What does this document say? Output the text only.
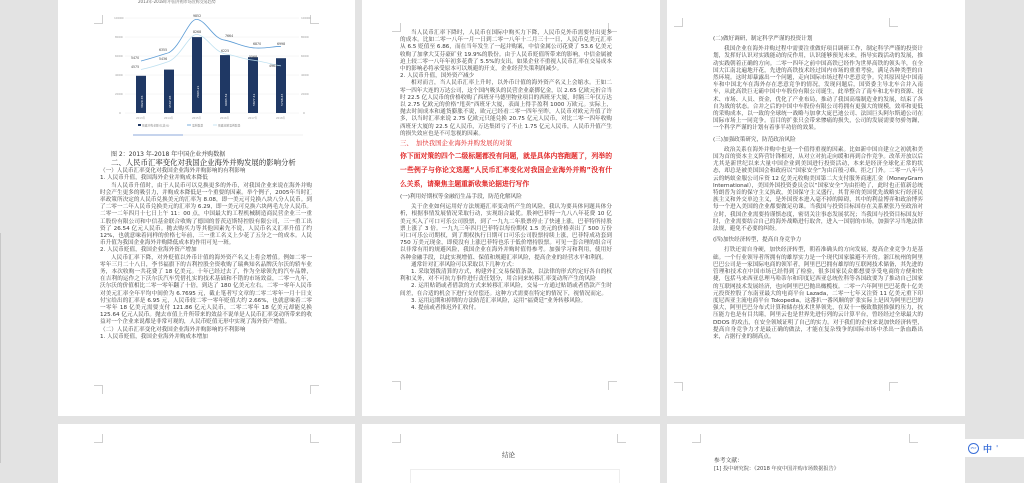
2013年-2018年中国并购市场宣称交易趋势
10000
8000
6000
4000
2000
0
10000
8000
6000
4000
2000
0
3920.76	4567.03
7993.21
6093.52	5877.41	5768.45
5470
6355
9852
7664
6870	6998
4575
5436
8268
6225
5568
4963
2013年	2014年	2015年	2016年	2017年	2018年
披露并购金额(亿美元)	案例数量	披露金额案例数量

图 2：2013 年-2018 年中国企业并购数据

二、人民币汇率变化对我国企业海外并购发展的影响分析

（一）人民币汇率变化对我国企业海外并购影响的有利影响

1. 人民币升值，我国海外企业并购成本降低

当人民币升值时，由于人民币可以兑换更多的外币，对我国企业来说在海外并购时会产生更多的吸引力，并购成本降低是一个重要的因素。举个例子，2005年当时汇率政策所决定的人民币兑换美元的汇率为 8.08，即一美元可兑换八块八分人民币。到了二零一二年人民币兑换美元的汇率为 6.29，即一美元可兑换六块两毛九分人民币。二零一二年四月十七日上午 11：00 点，中国最大的工程机械制造商民营企业三一重工股份有限公司和中信基金联合收购了德国的普茨迈斯特控股有限公司，三一重工出资了 26.54 亿元人民币。抛去购买力等其他因素先不说，人民币名义汇率升值了约 12%，也就意味着同样的价格七年前，三一重工名义上少花了五分之一的成本。人民币升值为我国企业海外并购降低成本的作用可见一斑。

2. 人民币贬值，我国企业海外资产增加

人民币汇率下降，对外贬值以外币计值的海外资产名义上将会增值。例如二零一零年三月二十八日，李书福旗下的吉利控股全资收购了瑞典知名品牌沃尔沃的轿车业务，本次收购一共花费了 18 亿美元。十年已经过去了，作为全球领先的汽车品牌，在吉利的运作之下沃尔沃汽车凭借扎实的技术基础和不错的市场效益，二零一九年，沃尔沃的价值相比二零一零年翻了十倍，到达了 180 亿美元左右。二零一零年人民币对美元汇率全年平均中间价为 6.7695 元，截止笔者写文章的二零二零年一月十日支付宝给出的汇率是 6.95 元，人民币较二零一零年贬值大约 2.66%，也就意味着二零一零年 18 亿美元需要支付 121.86 亿元人民币，二零二零年 18 亿美元却能兑换 125.64 亿元人民币。抛去市值上升所带来的效益不说单是人民币汇率变动所带来的收益对一个企业来说都是非常可观的，人民币贬值无形中实现了海外资产增值。

（二）人民币汇率变化对我国企业海外并购影响的不利影响

1. 人民币贬值，我国企业海外并购成本增加

当人民币汇率下降时，人民币在国际中购买力下降，人民币兑外币需要付出更多的成本。比如二零一八年一月一日到二零一八年十二月三十一日，人民币兑美元汇率从 6.5 贬值至 6.86，而在当年发生了一起并购案，中信金属公司花费了 53.6 亿美元收购了加拿大艾芬豪矿业 19.9%的股份。由于人民币贬值所带来的影响，中信金属被迫上较二零一八年年初多花费了 5.5%的支出。如果企业不重视人民币汇率在交易成本中的影响必将承受原本可以规避的开支，企业经营失策利润减少。

2. 人民币升值，国外资产减少

相对而言，当人民币汇率上升时，以外币计值的海外资产名义上会缩水。王如二零一四年大连的万达公司，这个国内吸头的民营企业豪掷亿金，以 2.65 亿欧元折合当时 22.5 亿人民币的价格收购了西班牙马德里物业项目的西班牙大厦，时隔三年仅万达以 2.75 亿欧元的价格“甩卖”西班牙大厦，表面上得手盈利 1000 万欧元。实际上，抛去时间成本和通货膨胀不说，欧元已经看二零一四年至昨，人民币对欧元升值了许多，以当时汇率来说 2.75 亿欧元只能兑换 20.75 亿元人民币，对比二零一四年收购西班牙大厦的 22.5 亿人民币，万达集团亏了不止 1.75 亿元人民币，人民币升值产生的损失效应也是不可忽视的因素。

三、　加快我国企业海外并购发展的对策

你下面对策的四个二级标题都没有问题，就是具体内容跑题了，列举的一些例子与你论文选题“人民币汇率变化对我国企业海外并购”没有什么关系，请聚焦主题重新收集论据进行写作

(一)利用好期权等金融衍生品手段，防范化解风险

关于企业如何运用好方法规避汇率变动所产生的风险，我认为要具体问题具体分析，根据事情发展情况采取行动，实现组合最优。股神巴菲特一九八八年花费 10 亿美元买入了可口可乐公司股票，到了一九九二年股票停止了快速上涨，巴菲特所持股票上涨了 3 倍。一九九三年四月巴菲特以每份期权 1.5 美元的价格卖出了 500 万份可口可乐公司期权，到了期权执行日期可口可乐公司股票持续上涨，巴菲特成功套到 750 万美元现金，即使没有上涨巴菲特也乐于低价增持股票。可见一套合理的组合可以非常有用的规避风险，我国企业在海外并购时值得参考。加强学习和利用，使用好各种金融手段，以此实现增值、保值和规避汇率风险，提高企业的经营水平和利润。

通常针对汇率风险可以采取以下几种方式：

1. 采取划拨清算的方式，构建外汇交易保值条款，以法律的形式约定好各自的权利和义务，对不可抗力事件进行责任划分，用合同来转移汇率变动所产生的风险

2. 运用贴销或者借款的方式来转移汇率风险，交易一方通过贴销或者借款产生时间差，在合适的机会下进行支付偿还。这种方式需要在特定的情况下，视情况而定。

3. 运用远期和掉期的方法防范汇率风险，运用“福费廷”业务转移风险。

4. 提前或者推迟外汇收付。

(二)做好调研，制定科学严谨的投资计划

我国企业在海外并购过程中需要注重做好项目调研工作，制定科学严谨的投资计划，发挥好认识对实践能动的反作用，认识能够预见未来，指导实践活动的发展，推动实践朝着正确的方向。二零一四年之前中国高铁已经作为世界高铁的领头羊，在全国大江南北遍地开花，先进的高铁技术经过国内市场的重重考验，满足各种类型的自然环境。这时却暴露出一个问题，走向国际市场过程中恶意竞争。究其原因是中国南车和中国北车在海外存在恶意竞争的情况，发现问题后，国资委主导北车合并入南车，从此高铁巨无霸中国中车股份有限公司诞生，此举整合了南车和北车的资源、技术、市场、人员、资金，优化了产业布局，推动了我国高端制造业的发展，结束了各自为战的状态。合并之后的中国中车股份有限公司将拥有更强大的规模，效率和更低的采购成本，以一致的全球统一战略与加拿大庞巴迪公司、法国巨头阿尔斯通公司在国际市场上一同竞争。盲目的扩张只会带来惨痛的损失，公司的发展需要勿骄勿躁，一个科学严谨的计划有着事半功倍的效果。

(三)加强政策研究，防范政治风险

政治关系在海外并购中也是一个值得重视的因素。比如新中国自建立之初就和美国为首的资本主义阵营针锋相对，从对立对抗走向缓和再到合作竞争。改革开放以后尤其是新世纪以来大量中国企业到美国进行投资活动，本来是经济全球化正常的状态，却总是被美国国会和政府以“国家安全”为由百般刁难，拒之门外。二零一八年马云的蚂蚁金服公司斥资 12 亿美元收购美国第二大支付服务商速汇金（MoneyGram International），美国外国投资委员会以“国家安全”为由拒绝了，此时也正值新总统特朗普为首的保守主义执政，美国保守主义盛行，其背弃的美国优先战略实行经济民族主义和外交单边主义，是外国资本进入毫不掉的障碍，其中的利益博弈和政治博弈每一个进入美国的企业都要做足功课。当我国与投资目标国存在关系紧张乃至政治对立时，我国企业需要持谨慎态度，密切关注事态发展状况；当我国与投资目标国友好时，企业需要结合自己的海外战略进行取舍，进入一国别的市场，加强学习当地法律法规，避免不必要的纠纷。

(四)加快经济转型，提高自身竞争力

打铁还需自身硬，加快经济转型，朝着准确头的方向发展，提高企业竞争力是基础。一个行业领导者所拥有的雄厚实力是一个现代国家躲避不开的。浙江杭州的阿里巴巴公司是一家国际电商的领军者，阿里巴巴拥有雄厚的互联网技术储备，其先进的管理和技术在中国市场已经得到了检验，很多国家民众都想要享受电商的方便和快捷，包括马来西亚总理马哈蒂尔和印度尼西亚总统佐科等各国政要为了推动自己国家的互联网技术发展经济，也向阿里巴巴抛出橄榄枝。二零一六年阿里巴巴花费十亿美元投资控股了东南亚最大的电商平台 Lazada，二零一七年又注资 11 亿美元重下印度尼西亚主流电商平台 Tokopedia，这番扒一番风顺的扩张实际上是因为阿里巴巴的强大，阿里巴巴分布式计算和储存技术世界领先，在双十一极致数据推强的压力，抗压能力也是有目共睹，阿里云也是世界先进行列的云计算平台，曾经经过全球最大的 DDOS 的攻击，在安全领域证明了自己的实力。对于我们的企业来说加快经济转型，提高自身竞争力才是最正确的做法，才能在复杂残争的国际市场中杀出一条血路出来，占据行业的制高点。

结论
参考文献：
[1] 投中研究院：《2018 年度中国并购市场数据报告》
iFLY 中 '
